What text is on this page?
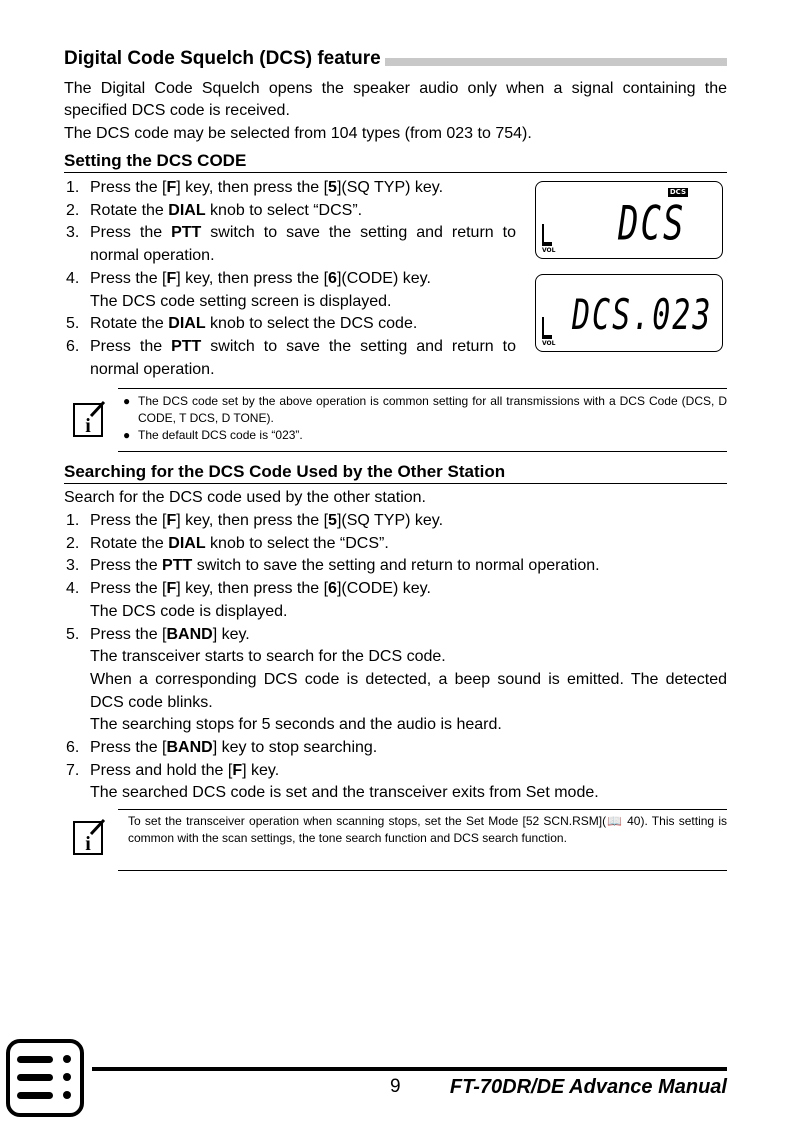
Digital Code Squelch (DCS) feature
The Digital Code Squelch opens the speaker audio only when a signal containing the specified DCS code is received.
The DCS code may be selected from 104 types (from 023 to 754).
Setting the DCS CODE
1. Press the [F] key, then press the [5](SQ TYP) key.
2. Rotate the DIAL knob to select “DCS”.
3. Press the PTT switch to save the setting and return to normal operation.
4. Press the [F] key, then press the [6](CODE) key.
The DCS code setting screen is displayed.
5. Rotate the DIAL knob to select the DCS code.
6. Press the PTT switch to save the setting and return to normal operation.
DCS
VOL DCS
VOL
DCS.023
i
● The DCS code set by the above operation is common setting for all transmissions with a DCS Code (DCS, D CODE, T DCS, D TONE).
● The default DCS code is “023”.
Searching for the DCS Code Used by the Other Station
Search for the DCS code used by the other station.
1. Press the [F] key, then press the [5](SQ TYP) key.
2. Rotate the DIAL knob to select the “DCS”.
3. Press the PTT switch to save the setting and return to normal operation.
4. Press the [F] key, then press the [6](CODE) key.
The DCS code is displayed.
5. Press the [BAND] key.
The transceiver starts to search for the DCS code.
When a corresponding DCS code is detected, a beep sound is emitted. The detected DCS code blinks.
The searching stops for 5 seconds and the audio is heard.
6. Press the [BAND] key to stop searching.
7. Press and hold the [F] key.
The searched DCS code is set and the transceiver exits from Set mode.
i
To set the transceiver operation when scanning stops, set the Set Mode [52 SCN.RSM](📖 40). This setting is common with the scan settings, the tone search function and DCS search function.
9 FT-70DR/DE Advance Manual
